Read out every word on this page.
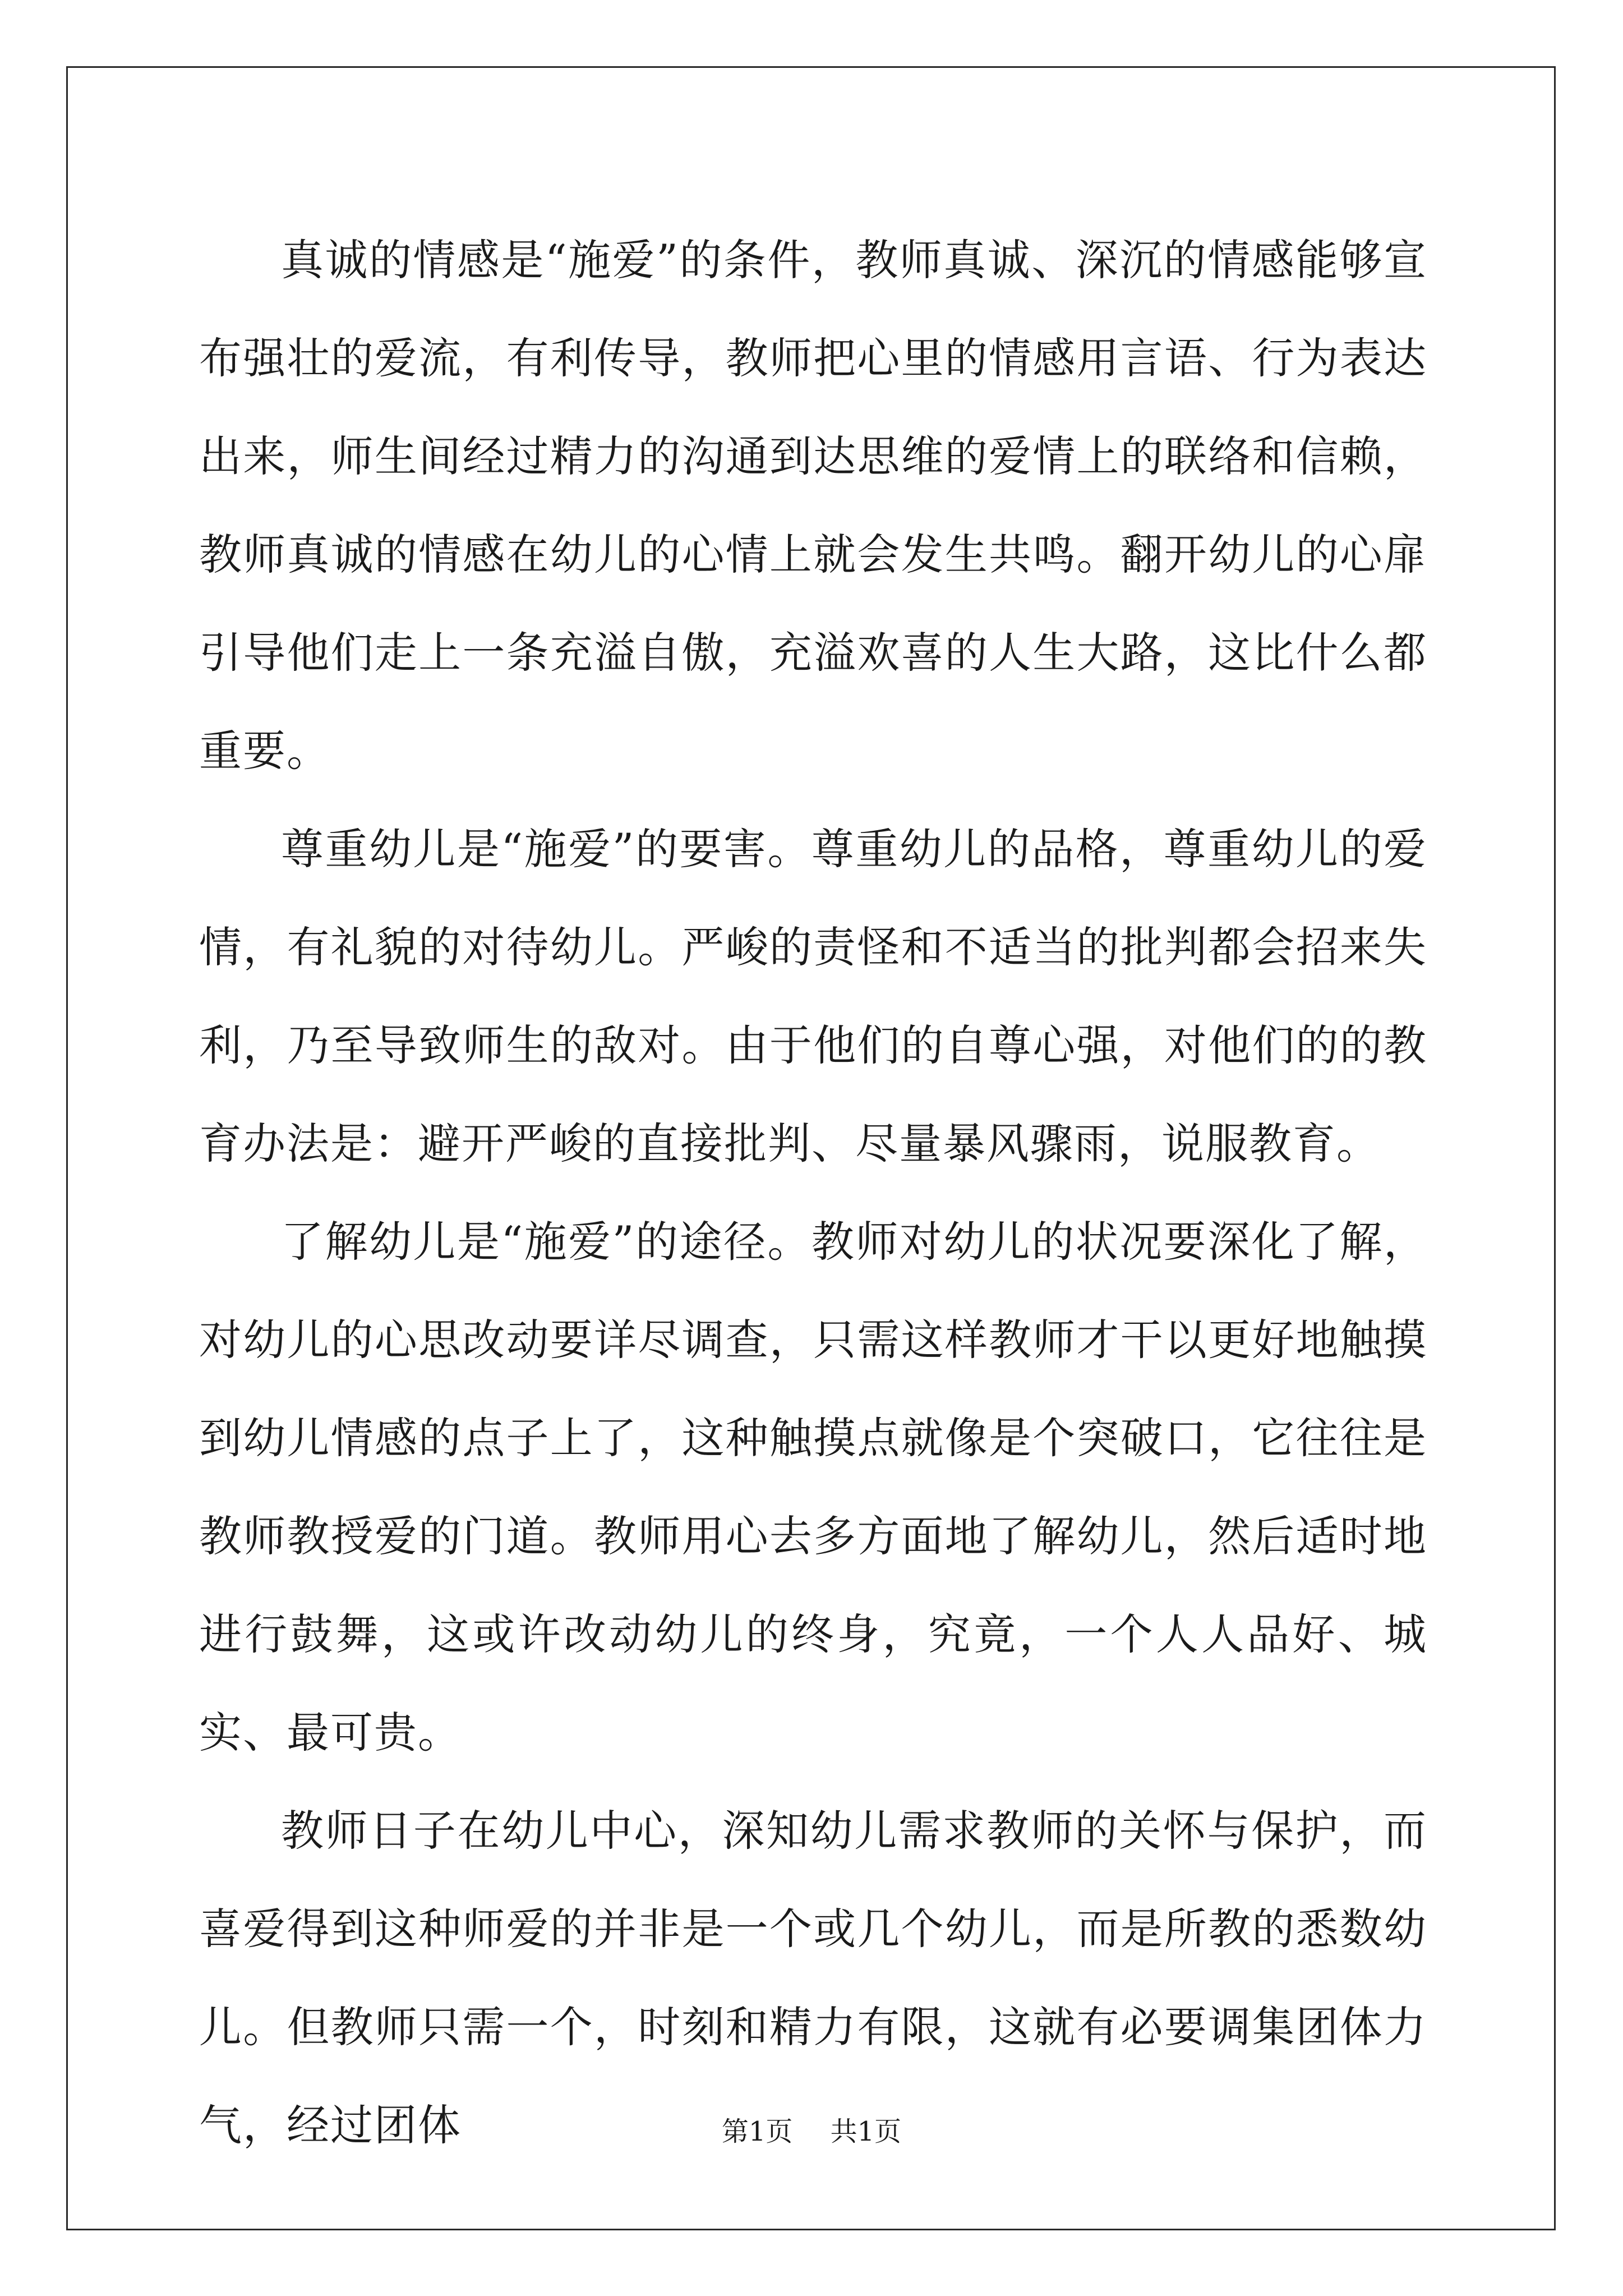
真诚的情感是“施爱”的条件，教师真诚、深沉的情感能够宣布强壮的爱流，有利传导，教师把心里的情感用言语、行为表达出来，师生间经过精力的沟通到达思维的爱情上的联络和信赖，教师真诚的情感在幼儿的心情上就会发生共鸣。翻开幼儿的心扉引导他们走上一条充溢自傲，充溢欢喜的人生大路，这比什么都重要。

尊重幼儿是“施爱”的要害。尊重幼儿的品格，尊重幼儿的爱情，有礼貌的对待幼儿。严峻的责怪和不适当的批判都会招来失利，乃至导致师生的敌对。由于他们的自尊心强，对他们的的教育办法是：避开严峻的直接批判、尽量暴风骤雨，说服教育。

了解幼儿是“施爱”的途径。教师对幼儿的状况要深化了解，对幼儿的心思改动要详尽调查，只需这样教师才干以更好地触摸到幼儿情感的点子上了，这种触摸点就像是个突破口，它往往是教师教授爱的门道。教师用心去多方面地了解幼儿，然后适时地进行鼓舞，这或许改动幼儿的终身，究竟，一个人人品好、城实、最可贵。

教师日子在幼儿中心，深知幼儿需求教师的关怀与保护，而喜爱得到这种师爱的并非是一个或几个幼儿，而是所教的悉数幼儿。但教师只需一个，时刻和精力有限，这就有必要调集团体力气，经过团体	第1页 共1页
